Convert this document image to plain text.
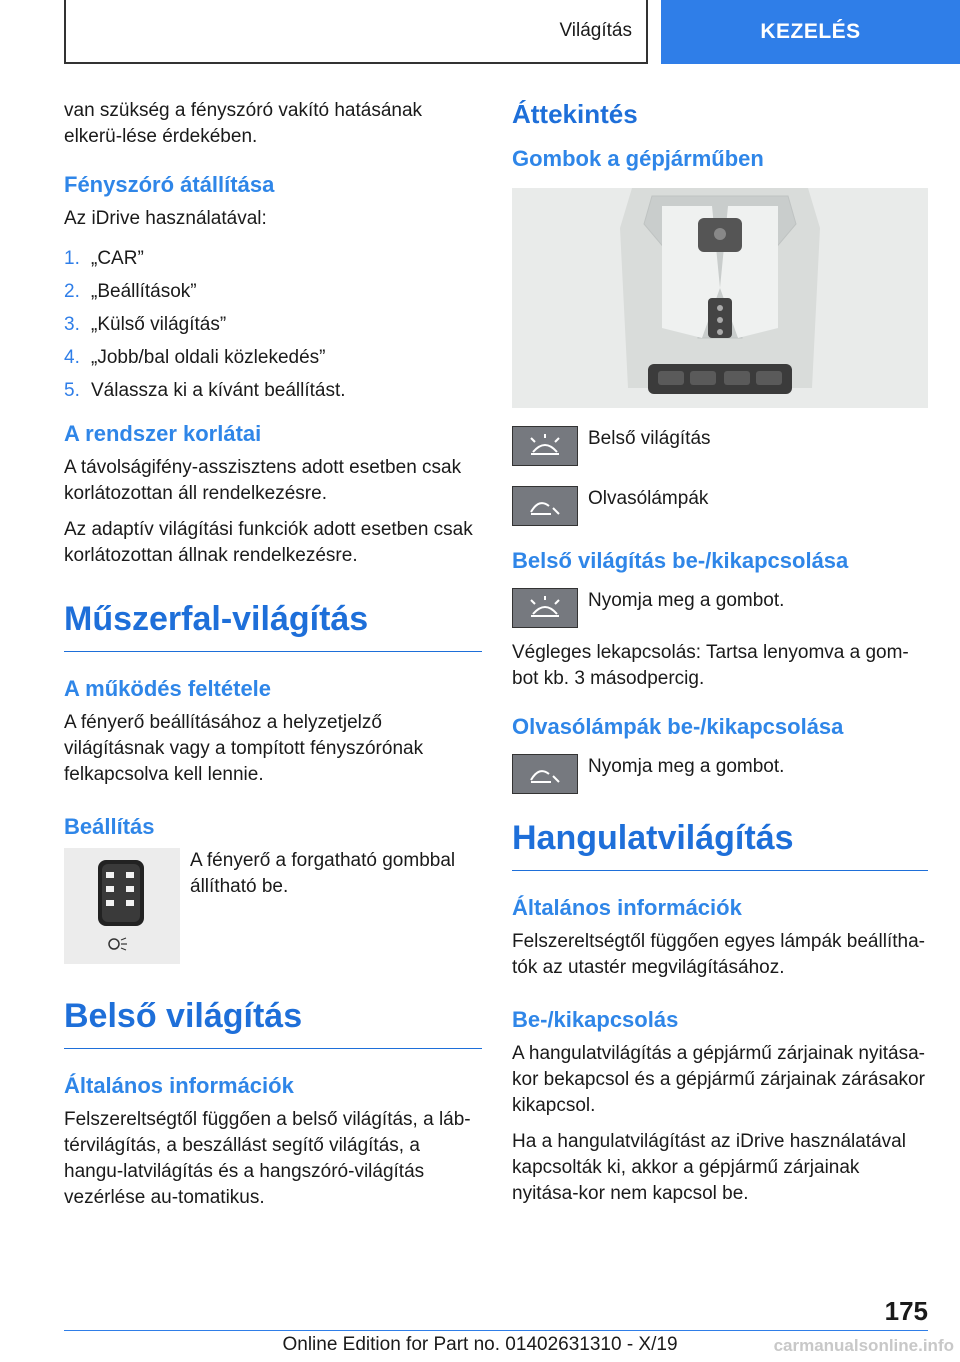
Világítás	KEZELÉS

van szükség a fényszóró vakító hatásának elkerü-lése érdekében.

Fényszóró átállítása

Az iDrive használatával:

1. „CAR”
2. „Beállítások”
3. „Külső világítás”
4. „Jobb/bal oldali közlekedés”
5. Válassza ki a kívánt beállítást.
A rendszer korlátai

A távolságifény-asszisztens adott esetben csak korlátozottan áll rendelkezésre.

Az adaptív világítási funkciók adott esetben csak korlátozottan állnak rendelkezésre.

Műszerfal-világítás
A működés feltétele

A fényerő beállításához a helyzetjelző világításnak vagy a tompított fényszórónak felkapcsolva kell lennie.

Beállítás

A fényerő a forgatható gombbal állítható be.

Belső világítás
Általános információk

Felszereltségtől függően a belső világítás, a láb-térvilágítás, a beszállást segítő világítás, a hangu-latvilágítás és a hangszóró-világítás vezérlése au-tomatikus.

Áttekintés
Gombok a gépjárműben

Belső világítás

Olvasólámpák

Belső világítás be-/kikapcsolása

Nyomja meg a gombot.

Végleges lekapcsolás: Tartsa lenyomva a gom-bot kb. 3 másodpercig.

Olvasólámpák be-/kikapcsolása

Nyomja meg a gombot.

Hangulatvilágítás
Általános információk

Felszereltségtől függően egyes lámpák beállítha-tók az utastér megvilágításához.

Be-/kikapcsolás

A hangulatvilágítás a gépjármű zárjainak nyitása-kor bekapcsol és a gépjármű zárjainak zárásakor kikapcsol.

Ha a hangulatvilágítást az iDrive használatával kapcsolták ki, akkor a gépjármű zárjainak nyitása-kor nem kapcsol be.

175
Online Edition for Part no. 01402631310 - X/19	carmanualsonline.info
